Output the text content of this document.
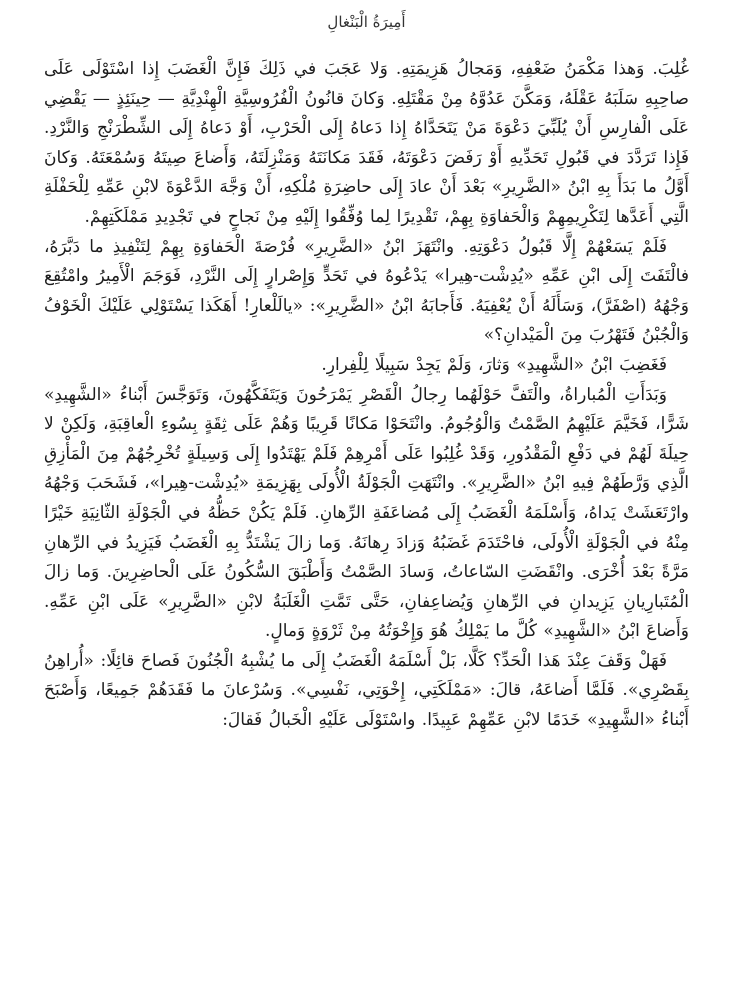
أَمِيرَةُ الْبَنْغالِ

غُلِبَ. وَهذا مَكْمَنُ ضَعْفِهِ، وَمَجالُ هَزِيمَتِهِ. وَلا عَجَبَ في ذَلِكَ فَإِنَّ الْغَضَبَ إِذا اسْتَوْلَى عَلَى صاحِبِهِ سَلَبَهُ عَقْلَهُ، وَمَكَّنَ عَدُوَّهُ مِنْ مَقْتَلِهِ. وَكانَ قانُونُ الْفُرُوسِيَّةِ الْهِنْدِيَّةِ — حِينَئِذٍ — يَقْضِي عَلَى الْفارِسِ أَنْ يُلَبِّيَ دَعْوَةَ مَنْ يَتَحَدَّاهُ إِذا دَعاهُ إِلَى الْحَرْبِ، أَوْ دَعاهُ إِلَى الشِّطْرَنْجِ وَالنَّرْدِ. فَإِذا تَرَدَّدَ في قَبُولِ تَحَدِّيهِ أَوْ رَفَضَ دَعْوَتَهُ، فَقَدَ مَكانَتَهُ وَمَنْزِلَتَهُ، وَأَضاعَ صِيتَهُ وَسُمْعَتَهُ. وَكانَ أَوَّلُ ما بَدَأَ بِهِ ابْنُ «الضَّرِيرِ» بَعْدَ أَنْ عادَ إِلَى حاضِرَةِ مُلْكِهِ، أَنْ وَجَّهَ الدَّعْوَةَ لابْنِ عَمِّهِ لِلْحَفْلَةِ الَّتِي أَعَدَّها لِتَكْرِيمِهِمْ وَالْحَفاوَةِ بِهِمْ، تَقْدِيرًا لِما وُفِّقُوا إِلَيْهِ مِنْ نَجاحٍ في تَجْدِيدِ مَمْلَكَتِهِمْ.

فَلَمْ يَسَعْهُمْ إِلَّا قَبُولُ دَعْوَتِهِ. وانْتَهَزَ ابْنُ «الضَّرِيرِ» فُرْصَةَ الْحَفاوَةِ بِهِمْ لِتَنْفِيذِ ما دَبَّرَهُ، فالْتَفَتَ إِلَى ابْنِ عَمِّهِ «يُدِشْت-هِيرا» يَدْعُوهُ في تَحَدٍّ وَإِصْرارٍ إِلَى النَّرْدِ، فَوَجَمَ الْأَمِيرُ وامْتُقِعَ وَجْهُهُ (اصْفَرَّ)، وَسَأَلَهُ أَنْ يُعْفِيَهُ. فَأَجابَهُ ابْنُ «الضَّرِيرِ»: «يالَلْعارِ! أَهَكَذا يَسْتَوْلِي عَلَيْكَ الْخَوْفُ وَالْجُبْنُ فَتَهْرُبَ مِنَ الْمَيْدانِ؟»

فَغَضِبَ ابْنُ «الشَّهِيدِ» وَثارَ، وَلَمْ يَجِدْ سَبِيلًا لِلْفِرارِ.

وَبَدَأَتِ الْمُباراةُ، والْتَفَّ حَوْلَهُما رِجالُ الْقَصْرِ يَمْرَحُونَ وَيَتَفَكَّهُونَ، وَتَوَجَّسَ أَبْناءُ «الشَّهِيدِ» شَرًّا، فَخَيَّمَ عَلَيْهِمُ الصَّمْتُ وَالْوُجُومُ. وانْتَحَوْا مَكانًا قَرِيبًا وَهُمْ عَلَى ثِقَةٍ بِسُوءِ الْعاقِبَةِ، وَلَكِنْ لا حِيلَةَ لَهُمْ في دَفْعِ الْمَقْدُورِ، وَقَدْ غُلِبُوا عَلَى أَمْرِهِمْ فَلَمْ يَهْتَدُوا إِلَى وَسِيلَةٍ تُخْرِجُهُمْ مِنَ الْمَأْزِقِ الَّذِي وَرَّطَهُمْ فِيهِ ابْنُ «الضَّرِيرِ». وانْتَهَتِ الْجَوْلَةُ الْأُولَى بِهَزِيمَةِ «يُدِشْت-هِيرا»، فَشَحَبَ وَجْهُهُ وارْتَعَشَتْ يَداهُ، وَأَسْلَمَهُ الْغَضَبُ إِلَى مُضاعَفَةِ الرِّهانِ. فَلَمْ يَكُنْ حَظُّهُ في الْجَوْلَةِ الثّانِيَةِ خَيْرًا مِنْهُ في الْجَوْلَةِ الْأُولَى، فاحْتَدَمَ غَضَبُهُ وَزادَ رِهانَهُ. وَما زالَ يَشْتَدُّ بِهِ الْغَضَبُ فَيَزِيدُ في الرِّهانِ مَرَّةً بَعْدَ أُخْرَى. وانْقَضَتِ السّاعاتُ، وَسادَ الصَّمْتُ وَأَطْبَقَ السُّكُونُ عَلَى الْحاضِرِينَ. وَما زالَ الْمُتَبارِيانِ يَزِيدانِ في الرِّهانِ وَيُضاعِفانِ، حَتَّى تَمَّتِ الْغَلَبَةُ لابْنِ «الضَّرِيرِ» عَلَى ابْنِ عَمِّهِ. وَأَضاعَ ابْنُ «الشَّهِيدِ» كُلَّ ما يَمْلِكُ هُوَ وَإِخْوَتُهُ مِنْ ثَرْوَةٍ وَمالٍ.

فَهَلْ وَقَفَ عِنْدَ هَذا الْحَدِّ؟ كَلَّا، بَلْ أَسْلَمَهُ الْغَضَبُ إِلَى ما يُشْبِهُ الْجُنُونَ فَصاحَ قائِلًا: «أُراهِنُ بِقَصْرِي». فَلَمَّا أَضاعَهُ، قالَ: «مَمْلَكَتِي، إِخْوَتِي، نَفْسِي». وَسُرْعانَ ما فَقَدَهُمْ جَمِيعًا، وَأَصْبَحَ أَبْناءُ «الشَّهِيدِ» خَدَمًا لابْنِ عَمِّهِمْ عَبِيدًا. واسْتَوْلَى عَلَيْهِ الْخَبالُ فَقالَ:
